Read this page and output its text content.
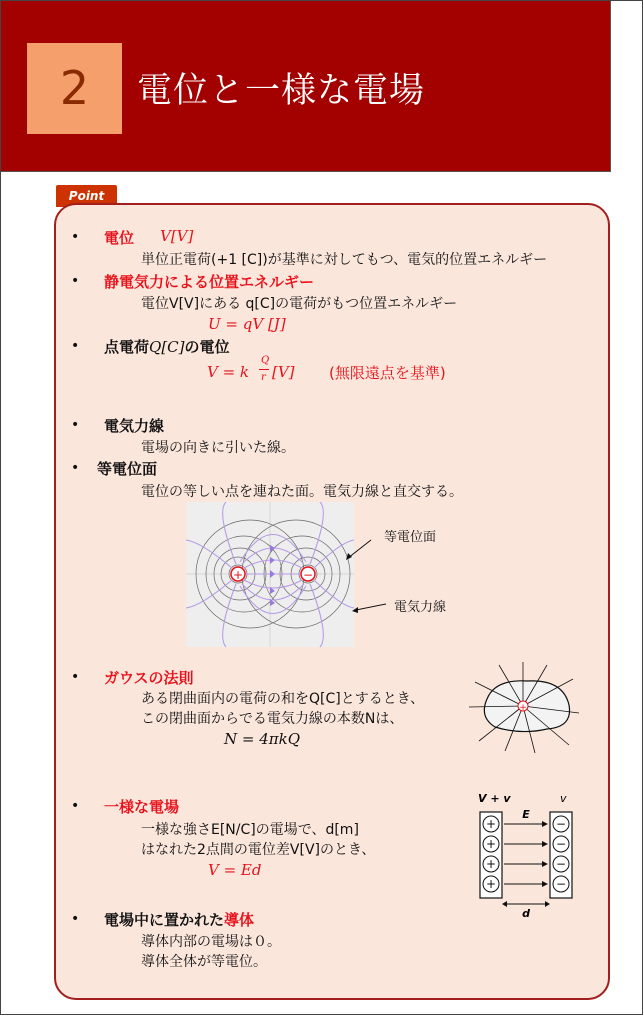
2	電位と一様な電場
Point
• 電位 V[V]
単位正電荷(+1 [C])が基準に対してもつ、電気的位置エネルギー
• 静電気力による位置エネルギー
電位V[V]にある q[C]の電荷がもつ位置エネルギー
U = qV [J]
• 点電荷Q[C]の電位
V = k
Q
r [V] (無限遠点を基準)
• 電気力線
電場の向きに引いた線。
• 等電位面
電位の等しい点を連ねた面。電気力線と直交する。
+	−
等電位面
電気力線
• ガウスの法則
ある閉曲面内の電荷の和をQ[C]とするとき、
この閉曲面からでる電気力線の本数Nは、
N = 4πkQ
+
• 一様な電場
一様な強さE[N/C]の電場で、d[m]
はなれた2点間の電位差V[V]のとき、
V = Ed
V + v	v
+
+
+
+
−
−
−
−
E
d
• 電場中に置かれた導体
導体内部の電場は０。
導体全体が等電位。
